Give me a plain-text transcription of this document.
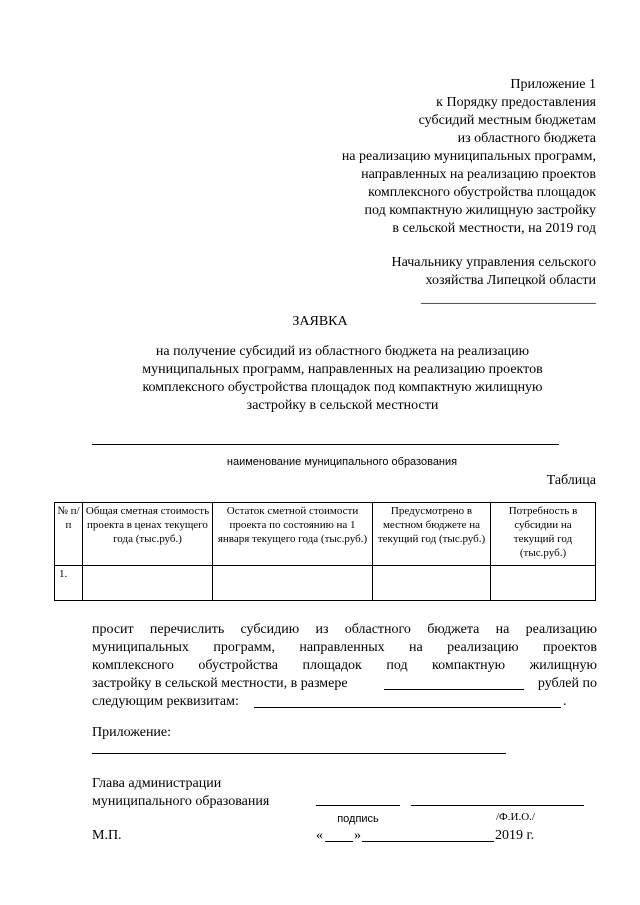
Приложение 1
к Порядку предоставления
субсидий местным бюджетам
из областного бюджета
на реализацию муниципальных программ,
направленных на реализацию проектов
комплексного обустройства площадок
под компактную жилищную застройку
в сельской местности, на 2019 год
Начальнику управления сельского
хозяйства Липецкой области
_________________________
ЗАЯВКА
на получение субсидий из областного бюджета на реализацию
муниципальных программ, направленных на реализацию проектов
комплексного обустройства площадок под компактную жилищную
застройку в сельской местности
наименование муниципального образования
Таблица
№ п/п	Общая сметная стоимость проекта в ценах текущего года (тыс.руб.)	Остаток сметной стоимости проекта по состоянию на 1 января текущего года (тыс.руб.)	Предусмотрено в местном бюджете на текущий год (тыс.руб.)	Потребность в субсидии на текущий год (тыс.руб.)
1.				
просит перечислить субсидию из областного бюджета на реализацию
муниципальных программ, направленных на реализацию проектов
комплексного обустройства площадок под компактную жилищную
застройку в сельской местности, в размере	рублей по
следующим реквизитам:	.
Приложение:
Глава администрации
муниципального образования
подпись	/Ф.И.О./
М.П.	« »	2019 г.
